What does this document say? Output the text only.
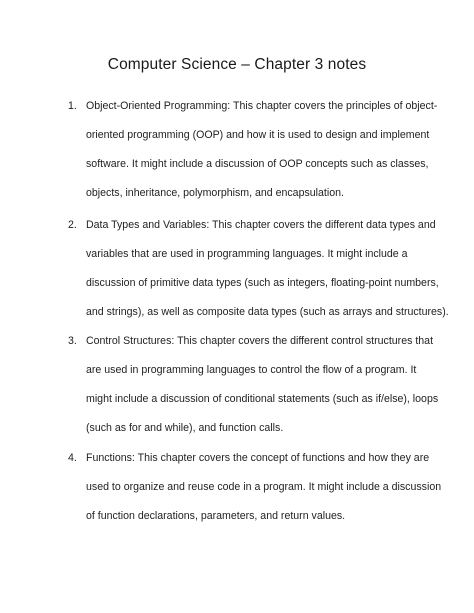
Computer Science – Chapter 3 notes
1. Object-Oriented Programming: This chapter covers the principles of object-
oriented programming (OOP) and how it is used to design and implement
software. It might include a discussion of OOP concepts such as classes,
objects, inheritance, polymorphism, and encapsulation.
2. Data Types and Variables: This chapter covers the different data types and
variables that are used in programming languages. It might include a
discussion of primitive data types (such as integers, floating-point numbers,
and strings), as well as composite data types (such as arrays and structures).
3. Control Structures: This chapter covers the different control structures that
are used in programming languages to control the flow of a program. It
might include a discussion of conditional statements (such as if/else), loops
(such as for and while), and function calls.
4. Functions: This chapter covers the concept of functions and how they are
used to organize and reuse code in a program. It might include a discussion
of function declarations, parameters, and return values.
